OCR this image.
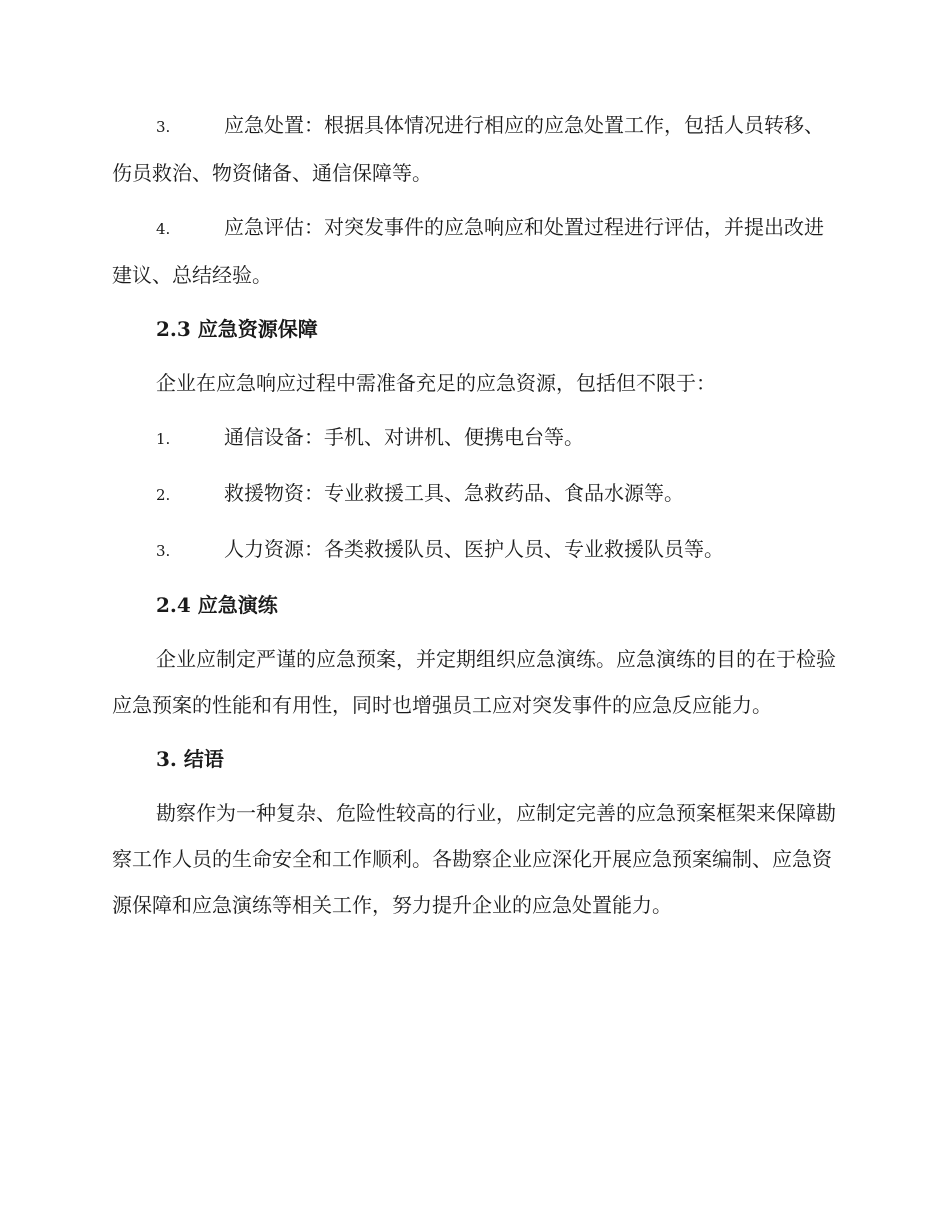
3.	应急处置：根据具体情况进行相应的应急处置工作，包括人员转移、伤员救治、物资储备、通信保障等。

4.	应急评估：对突发事件的应急响应和处置过程进行评估，并提出改进建议、总结经验。

2.3 应急资源保障

企业在应急响应过程中需准备充足的应急资源，包括但不限于：

1.	通信设备：手机、对讲机、便携电台等。

2.	救援物资：专业救援工具、急救药品、食品水源等。

3.	人力资源：各类救援队员、医护人员、专业救援队员等。

2.4 应急演练

企业应制定严谨的应急预案，并定期组织应急演练。应急演练的目的在于检验应急预案的性能和有用性，同时也增强员工应对突发事件的应急反应能力。

3. 结语

勘察作为一种复杂、危险性较高的行业，应制定完善的应急预案框架来保障勘察工作人员的生命安全和工作顺利。各勘察企业应深化开展应急预案编制、应急资源保障和应急演练等相关工作，努力提升企业的应急处置能力。
